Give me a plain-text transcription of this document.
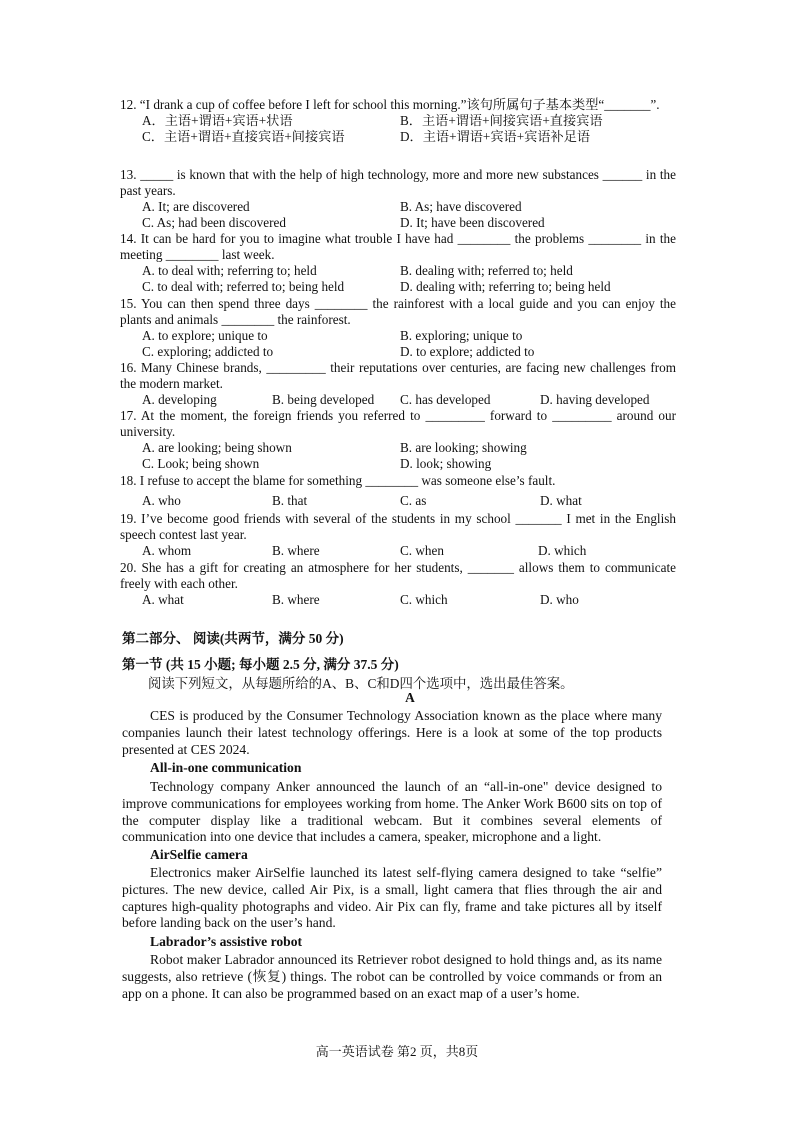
12. “I drank a cup of coffee before I left for school this morning.”该句所属句子基本类型“_______”.
A．主语+谓语+宾语+状语	B．主语+谓语+间接宾语+直接宾语
C．主语+谓语+直接宾语+间接宾语	D．主语+谓语+宾语+宾语补足语
13. _____ is known that with the help of high technology, more and more new substances ______ in the past years.
A. It; are discovered	B. As; have discovered
C. As; had been discovered	D. It; have been discovered
14. It can be hard for you to imagine what trouble I have had ________ the problems ________ in the meeting ________ last week.
A. to deal with; referring to; held	B. dealing with; referred to; held
C. to deal with; referred to; being held	D. dealing with; referring to; being held
15. You can then spend three days ________ the rainforest with a local guide and you can enjoy the plants and animals ________ the rainforest.
A. to explore; unique to	B. exploring; unique to
C. exploring; addicted to	D. to explore; addicted to
16. Many Chinese brands, _________ their reputations over centuries, are facing new challenges from the modern market.
A. developing	B. being developed C. has developed	D. having developed
17. At the moment, the foreign friends you referred to _________ forward to _________ around our university.
A. are looking; being shown	B. are looking; showing
C. Look; being shown	D. look; showing
18. I refuse to accept the blame for something ________ was someone else’s fault.
A. who	B. that	C. as	D. what
19. I’ve become good friends with several of the students in my school _______ I met in the English speech contest last year.
A. whom	B. where	C. when	D. which
20. She has a gift for creating an atmosphere for her students, _______ allows them to communicate freely with each other.
A. what	B. where	C. which	D. who
第二部分、 阅读(共两节，满分 50 分)
第一节 (共 15 小题; 每小题 2.5 分, 满分 37.5 分)
阅读下列短文，从每题所给的A、B、C和D四个选项中，选出最佳答案。
A
CES is produced by the Consumer Technology Association known as the place where many companies launch their latest technology offerings. Here is a look at some of the top products presented at CES 2024.
All-in-one communication
Technology company Anker announced the launch of an “all-in-one" device designed to improve communications for employees working from home. The Anker Work B600 sits on top of the computer display like a traditional webcam. But it combines several elements of communication into one device that includes a camera, speaker, microphone and a light.
AirSelfie camera
Electronics maker AirSelfie launched its latest self-flying camera designed to take “selfie” pictures. The new device, called Air Pix, is a small, light camera that flies through the air and captures high-quality photographs and video. Air Pix can fly, frame and take pictures all by itself before landing back on the user’s hand.
Labrador’s assistive robot
Robot maker Labrador announced its Retriever robot designed to hold things and, as its name suggests, also retrieve (恢复) things. The robot can be controlled by voice commands or from an app on a phone. It can also be programmed based on an exact map of a user’s home.
高一英语试卷 第2 页，共8页
